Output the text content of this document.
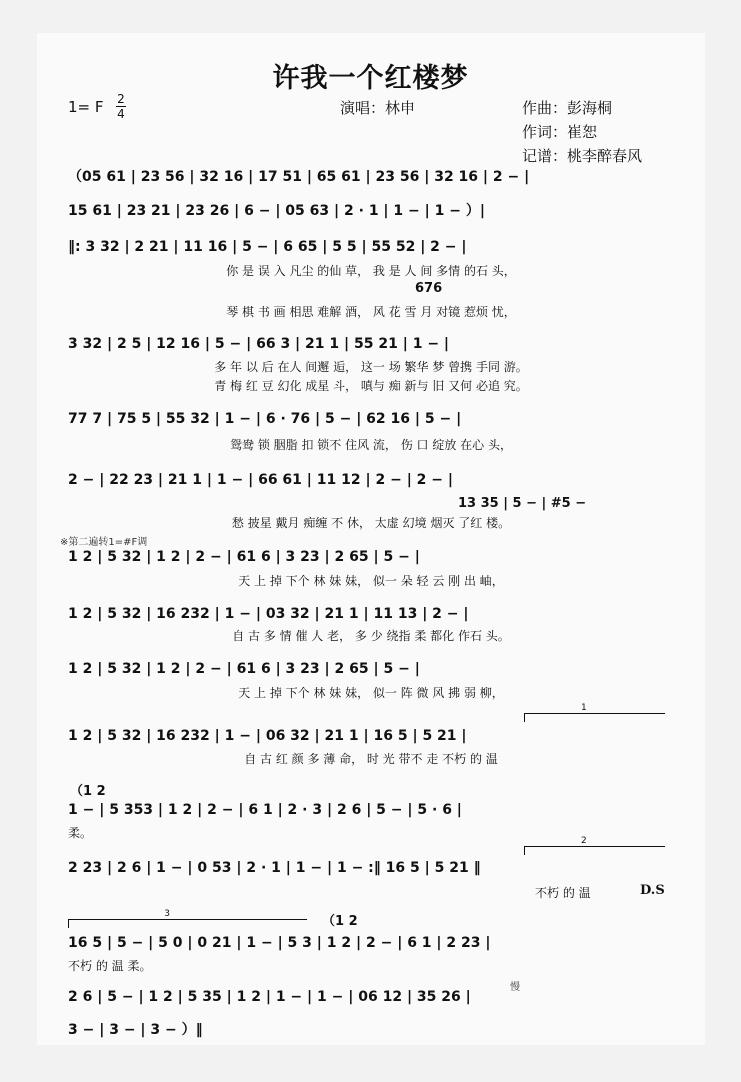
许我一个红楼梦
1= F 2
4	演唱：林申	作曲：彭海桐
作词：崔恕
记谱：桃李醉春风
（05 61 | 23 56 | 32 16 | 17 51 | 65 61 | 23 56 | 32 16 | 2 − |
15 61 | 23 21 | 23 26 | 6 − | 05 63 | 2 · 1 | 1 − | 1 − ）|
‖: 3 32 | 2 21 | 11 16 | 5 − | 6 65 | 5 5 | 55 52 | 2 − |
你 是 误 入 凡尘 的仙 草， 我 是 人 间 多情 的石 头，
676
琴 棋 书 画 相思 难解 酒， 风 花 雪 月 对镜 惹烦 忧，
3 32 | 2 5 | 12 16 | 5 − | 66 3 | 21 1 | 55 21 | 1 − |
多 年 以 后 在人 间邂 逅， 这一 场 繁华 梦 曾携 手同 游。
青 梅 红 豆 幻化 成星 斗， 嗔与 痴 新与 旧 又何 必追 究。
77 7 | 75 5 | 55 32 | 1 − | 6 · 76 | 5 − | 62 16 | 5 − |
鸳鸯 锁 胭脂 扣 锁不 住风 流， 伤 口 绽放 在心 头，
2 − | 22 23 | 21 1 | 1 − | 66 61 | 11 12 | 2 − | 2 − |
13 35 | 5 − | #5 −
愁 披星 戴月 痴缠 不 休， 太虚 幻境 烟灭 了红 楼。
※第二遍转1=#F调
1 2 | 5 32 | 1 2 | 2 − | 61 6 | 3 23 | 2 65 | 5 − |
天 上 掉 下个 林 妹 妹， 似一 朵 轻 云 刚 出 岫，
1 2 | 5 32 | 16 232 | 1 − | 03 32 | 21 1 | 11 13 | 2 − |
自 古 多 情 催 人 老， 多 少 绕指 柔 都化 作石 头。
1 2 | 5 32 | 1 2 | 2 − | 61 6 | 3 23 | 2 65 | 5 − |
天 上 掉 下个 林 妹 妹， 似一 阵 微 风 拂 弱 柳，
1
1 2 | 5 32 | 16 232 | 1 − | 06 32 | 21 1 | 16 5 | 5 21 |
自 古 红 颜 多 薄 命， 时 光 带不 走 不朽 的 温
（1 2
1 − | 5 353 | 1 2 | 2 − | 6 1 | 2 · 3 | 2 6 | 5 − | 5 · 6 |
柔。
2
2 23 | 2 6 | 1 − | 0 53 | 2 · 1 | 1 − | 1 − :‖ 16 5 | 5 21 ‖
不朽 的 温	D.S
3	（1 2
16 5 | 5 − | 5 0 | 0 21 | 1 − | 5 3 | 1 2 | 2 − | 6 1 | 2 23 |
不朽 的 温 柔。
慢
2 6 | 5 − | 1 2 | 5 35 | 1 2 | 1 − | 1 − | 06 12 | 35 26 |
3 − | 3 − | 3 − ）‖
